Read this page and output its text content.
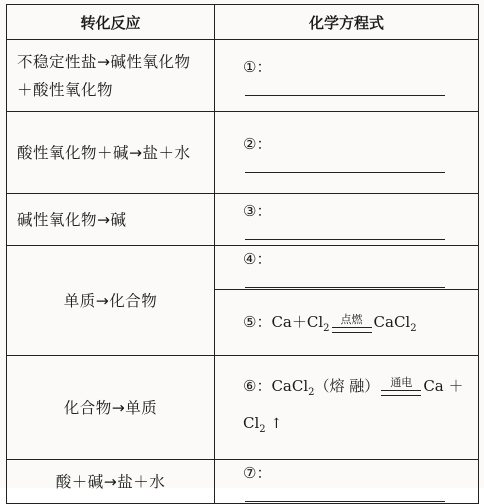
转化反应	化学方程式
不稳定性盐→碱性氧化物＋酸性氧化物	①：
酸性氧化物＋碱→盐＋水	②：
碱性氧化物→碱	③：
单质→化合物	④：
	⑤：$Ca+Cl_2$
点燃 CaCl$_2$
化合物→单质	⑥：CaCl$_2$（熔 融） 通电 Ca ＋
$Cl_2$ ↑
酸＋碱→盐＋水	⑦：
